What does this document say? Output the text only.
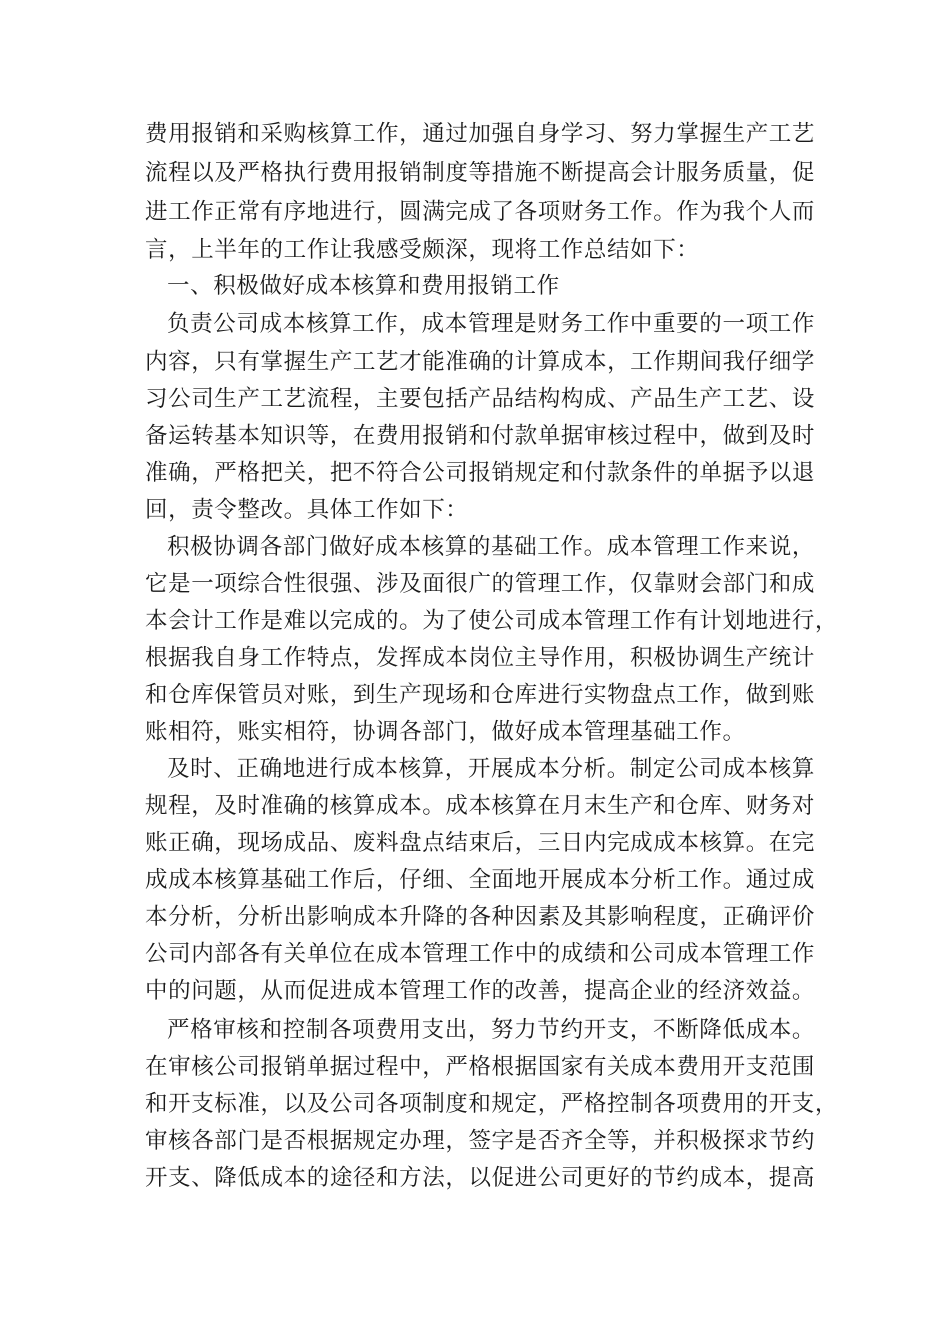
费用报销和采购核算工作，通过加强自身学习、努力掌握生产工艺
流程以及严格执行费用报销制度等措施不断提高会计服务质量，促
进工作正常有序地进行，圆满完成了各项财务工作。作为我个人而
言，上半年的工作让我感受颇深，现将工作总结如下：
一、积极做好成本核算和费用报销工作
负责公司成本核算工作，成本管理是财务工作中重要的一项工作
内容，只有掌握生产工艺才能准确的计算成本，工作期间我仔细学
习公司生产工艺流程，主要包括产品结构构成、产品生产工艺、设
备运转基本知识等，在费用报销和付款单据审核过程中，做到及时
准确，严格把关，把不符合公司报销规定和付款条件的单据予以退
回，责令整改。具体工作如下：
积极协调各部门做好成本核算的基础工作。成本管理工作来说，
它是一项综合性很强、涉及面很广的管理工作，仅靠财会部门和成
本会计工作是难以完成的。为了使公司成本管理工作有计划地进行，
根据我自身工作特点，发挥成本岗位主导作用，积极协调生产统计
和仓库保管员对账，到生产现场和仓库进行实物盘点工作，做到账
账相符，账实相符，协调各部门，做好成本管理基础工作。
及时、正确地进行成本核算，开展成本分析。制定公司成本核算
规程，及时准确的核算成本。成本核算在月末生产和仓库、财务对
账正确，现场成品、废料盘点结束后，三日内完成成本核算。在完
成成本核算基础工作后，仔细、全面地开展成本分析工作。通过成
本分析，分析出影响成本升降的各种因素及其影响程度，正确评价
公司内部各有关单位在成本管理工作中的成绩和公司成本管理工作
中的问题，从而促进成本管理工作的改善，提高企业的经济效益。
严格审核和控制各项费用支出，努力节约开支，不断降低成本。
在审核公司报销单据过程中，严格根据国家有关成本费用开支范围
和开支标准，以及公司各项制度和规定，严格控制各项费用的开支，
审核各部门是否根据规定办理，签字是否齐全等，并积极探求节约
开支、降低成本的途径和方法，以促进公司更好的节约成本，提高
